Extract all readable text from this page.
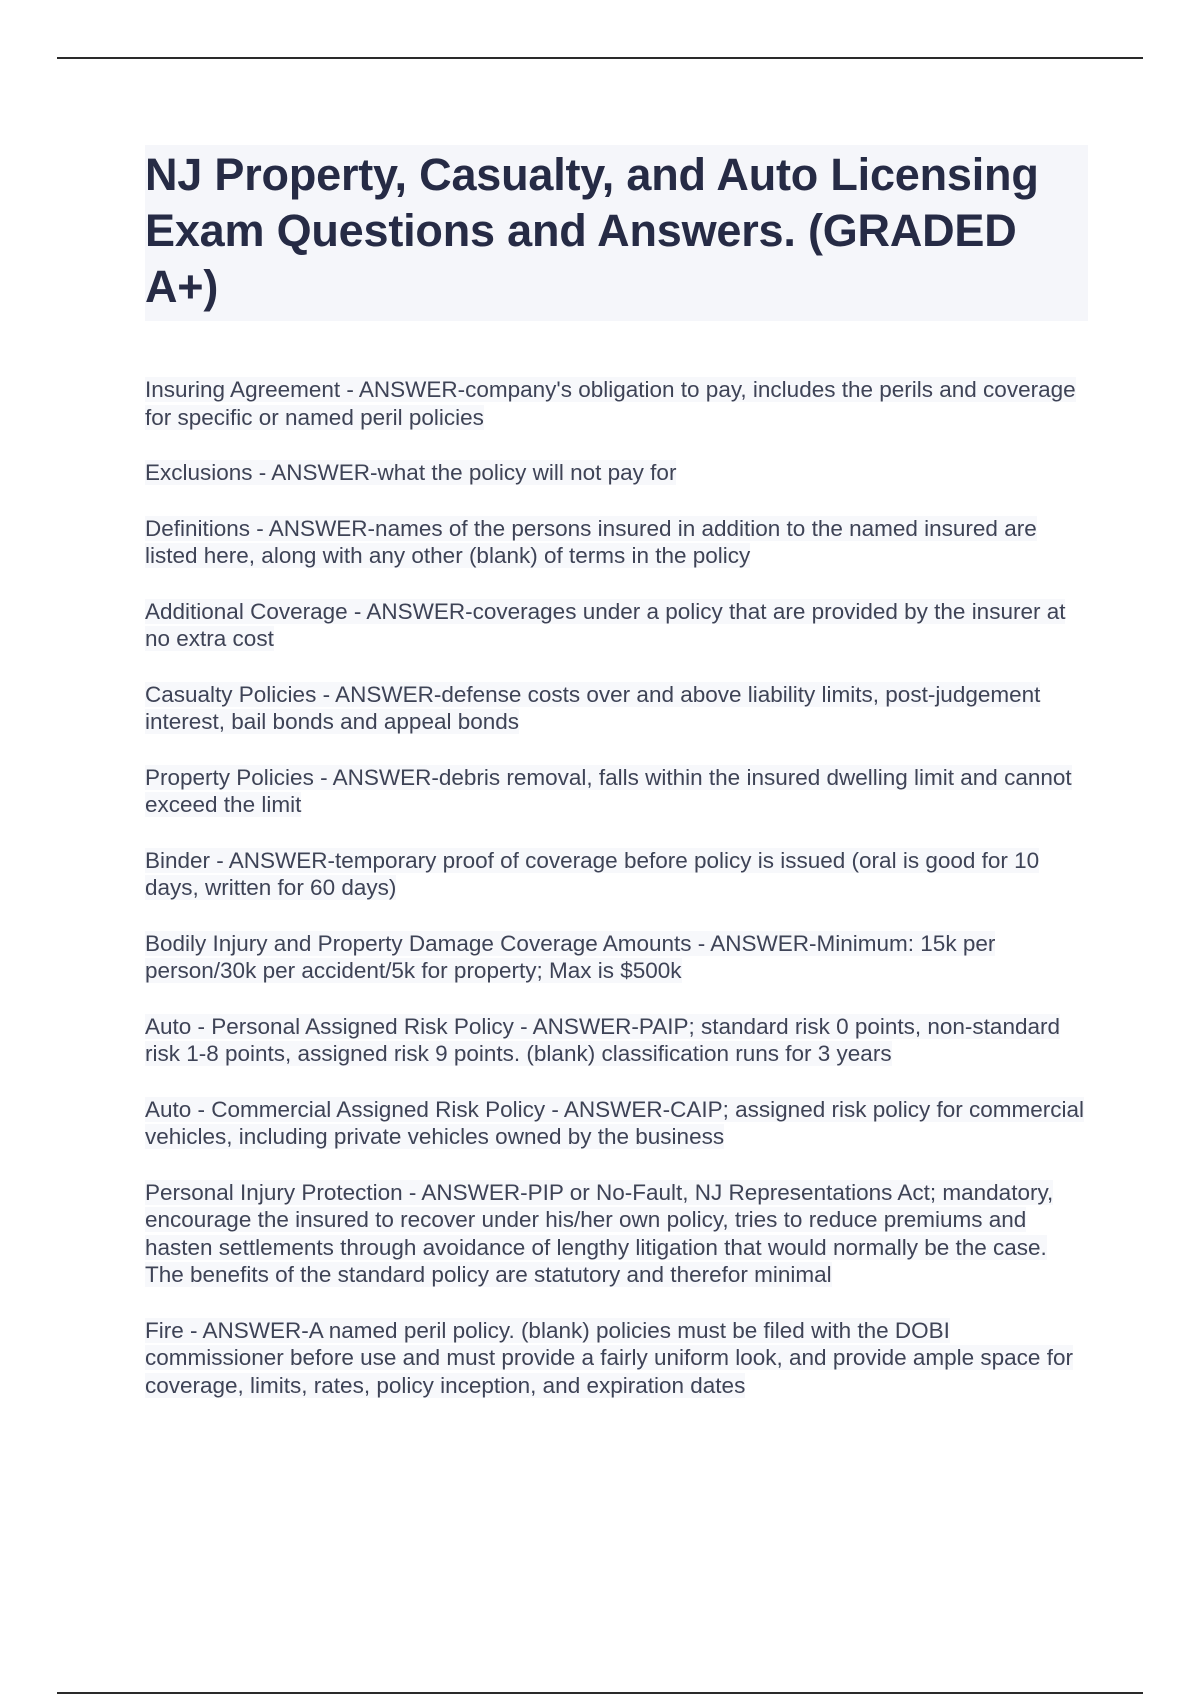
NJ Property, Casualty, and Auto Licensing Exam Questions and Answers. (GRADED A+)

Insuring Agreement - ANSWER-company's obligation to pay, includes the perils and coverage for specific or named peril policies

Exclusions - ANSWER-what the policy will not pay for

Definitions - ANSWER-names of the persons insured in addition to the named insured are listed here, along with any other (blank) of terms in the policy

Additional Coverage - ANSWER-coverages under a policy that are provided by the insurer at no extra cost

Casualty Policies - ANSWER-defense costs over and above liability limits, post-judgement interest, bail bonds and appeal bonds

Property Policies - ANSWER-debris removal, falls within the insured dwelling limit and cannot exceed the limit

Binder - ANSWER-temporary proof of coverage before policy is issued (oral is good for 10 days, written for 60 days)

Bodily Injury and Property Damage Coverage Amounts - ANSWER-Minimum: 15k per person/30k per accident/5k for property; Max is $500k

Auto - Personal Assigned Risk Policy - ANSWER-PAIP; standard risk 0 points, non-standard risk 1-8 points, assigned risk 9 points. (blank) classification runs for 3 years

Auto - Commercial Assigned Risk Policy - ANSWER-CAIP; assigned risk policy for commercial vehicles, including private vehicles owned by the business

Personal Injury Protection - ANSWER-PIP or No-Fault, NJ Representations Act; mandatory, encourage the insured to recover under his/her own policy, tries to reduce premiums and hasten settlements through avoidance of lengthy litigation that would normally be the case. The benefits of the standard policy are statutory and therefor minimal

Fire - ANSWER-A named peril policy. (blank) policies must be filed with the DOBI commissioner before use and must provide a fairly uniform look, and provide ample space for coverage, limits, rates, policy inception, and expiration dates
